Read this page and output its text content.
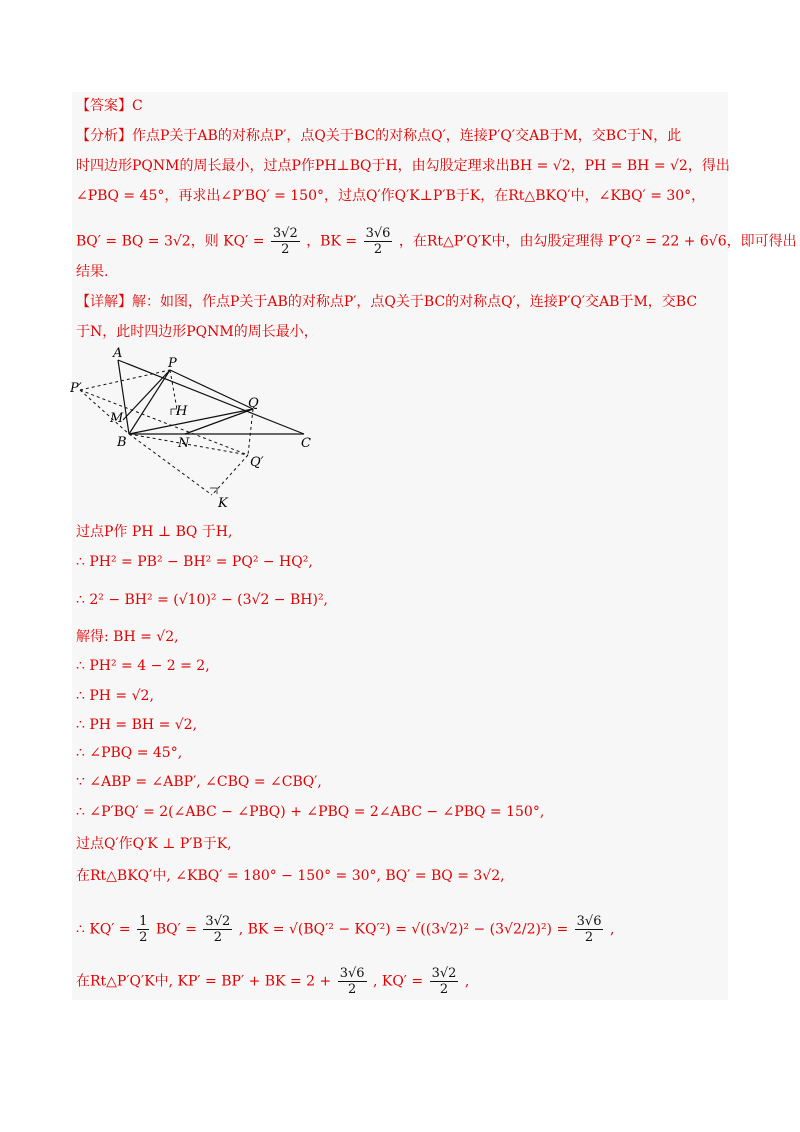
【答案】C
【分析】作点P关于AB的对称点P′，点Q关于BC的对称点Q′，连接P′Q′交AB于M，交BC于N，此
时四边形PQNM的周长最小，过点P作PH⊥BQ于H，由勾股定理求出BH = √2，PH = BH = √2，得出
∠PBQ = 45°，再求出∠P′BQ′ = 150°，过点Q′作Q′K⊥P′B于K，在Rt△BKQ′中，∠KBQ′ = 30°，
BQ′ = BQ = 3√2，则 $KQ' = \frac{3√2}{2}$ ，BK = $\frac{3√6}{2}$ ，在Rt△P′Q′K中，由勾股定理得 P′Q′² = 22 + 6√6，即可得出
结果.
【详解】解：如图，作点P关于AB的对称点P′，点Q关于BC的对称点Q′，连接P′Q′交AB于M，交BC
于N，此时四边形PQNM的周长最小，
A
P
P′
M	H
Q
B	N	C
Q′
K
过点P作 PH ⊥ BQ 于H,
∴ PH² = PB² − BH² = PQ² − HQ²,
∴ 2² − BH² = (√10)² − (3√2 − BH)²,
解得: BH = √2,
∴ PH² = 4 − 2 = 2,
∴ PH = √2,
∴ PH = BH = √2,
∴ ∠PBQ = 45°,
∵ ∠ABP = ∠ABP′, ∠CBQ = ∠CBQ′,
∴ ∠P′BQ′ = 2(∠ABC − ∠PBQ) + ∠PBQ = 2∠ABC − ∠PBQ = 150°,
过点Q′作Q′K ⊥ P′B于K,
在Rt△BKQ′中, ∠KBQ′ = 180° − 150° = 30°, BQ′ = BQ = 3√2,
∴ $KQ' = \frac{1}{2} BQ' = \frac{3√2}{2}$ , BK = $√(BQ'^2 - KQ'^2) = √((3√2)^2 - (3√2/2)^2) = \frac{3√6}{2}$ ,
在Rt△P′Q′K中, KP′ = BP′ + BK = $2 + \frac{3√6}{2}$ , $KQ' = \frac{3√2}{2}$ ,
